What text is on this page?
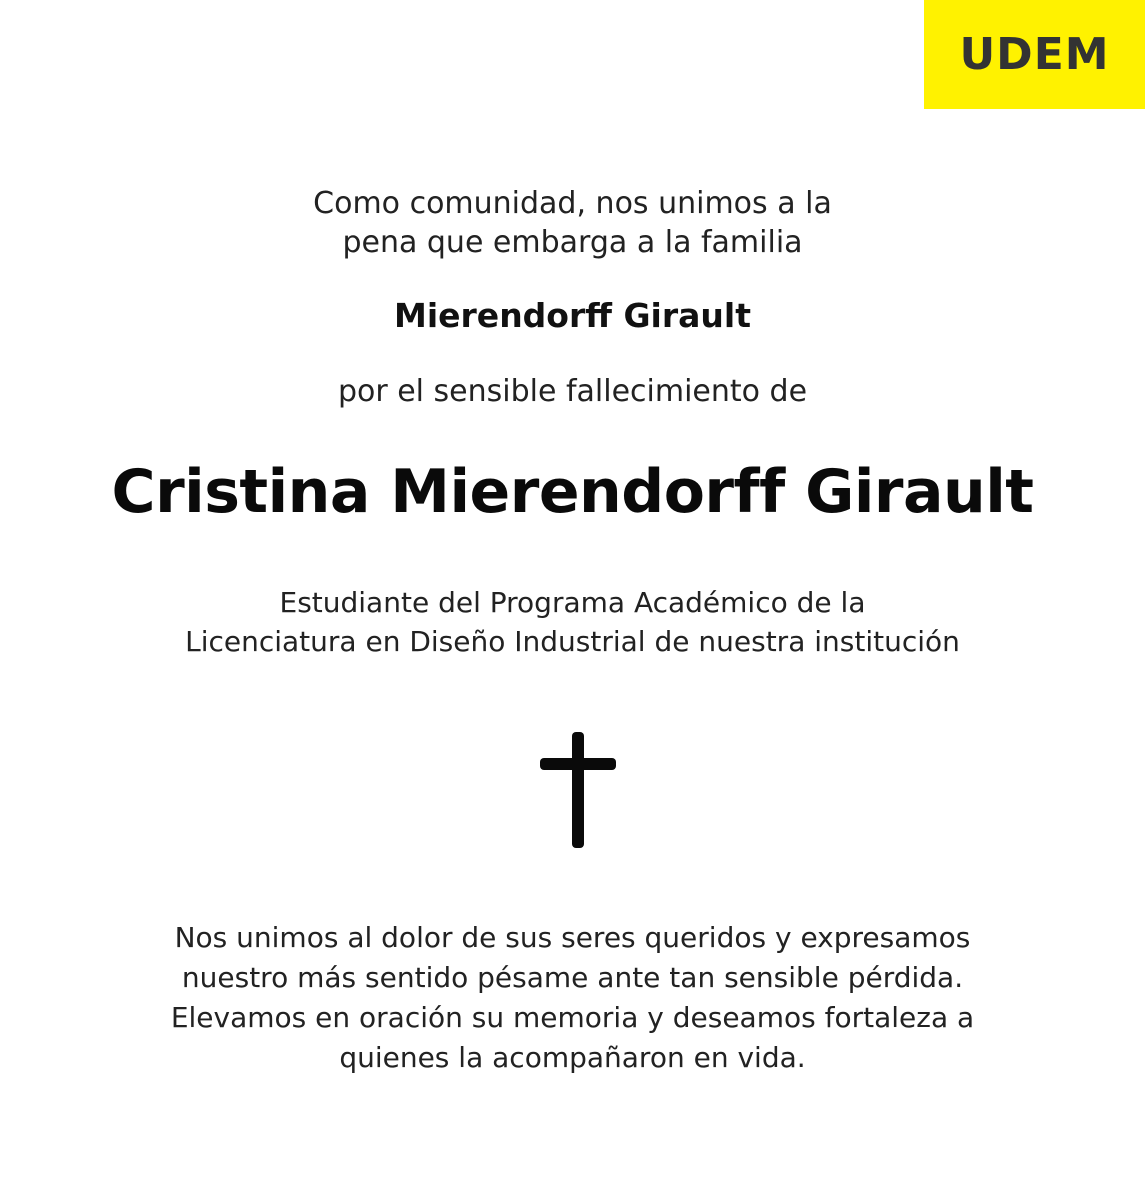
UDEM
Como comunidad, nos unimos a la
pena que embarga a la familia
Mierendorff Girault
por el sensible fallecimiento de
Cristina Mierendorff Girault
Estudiante del Programa Académico de la
Licenciatura en Diseño Industrial de nuestra institución
Nos unimos al dolor de sus seres queridos y expresamos
nuestro más sentido pésame ante tan sensible pérdida.
Elevamos en oración su memoria y deseamos fortaleza a
quienes la acompañaron en vida.
